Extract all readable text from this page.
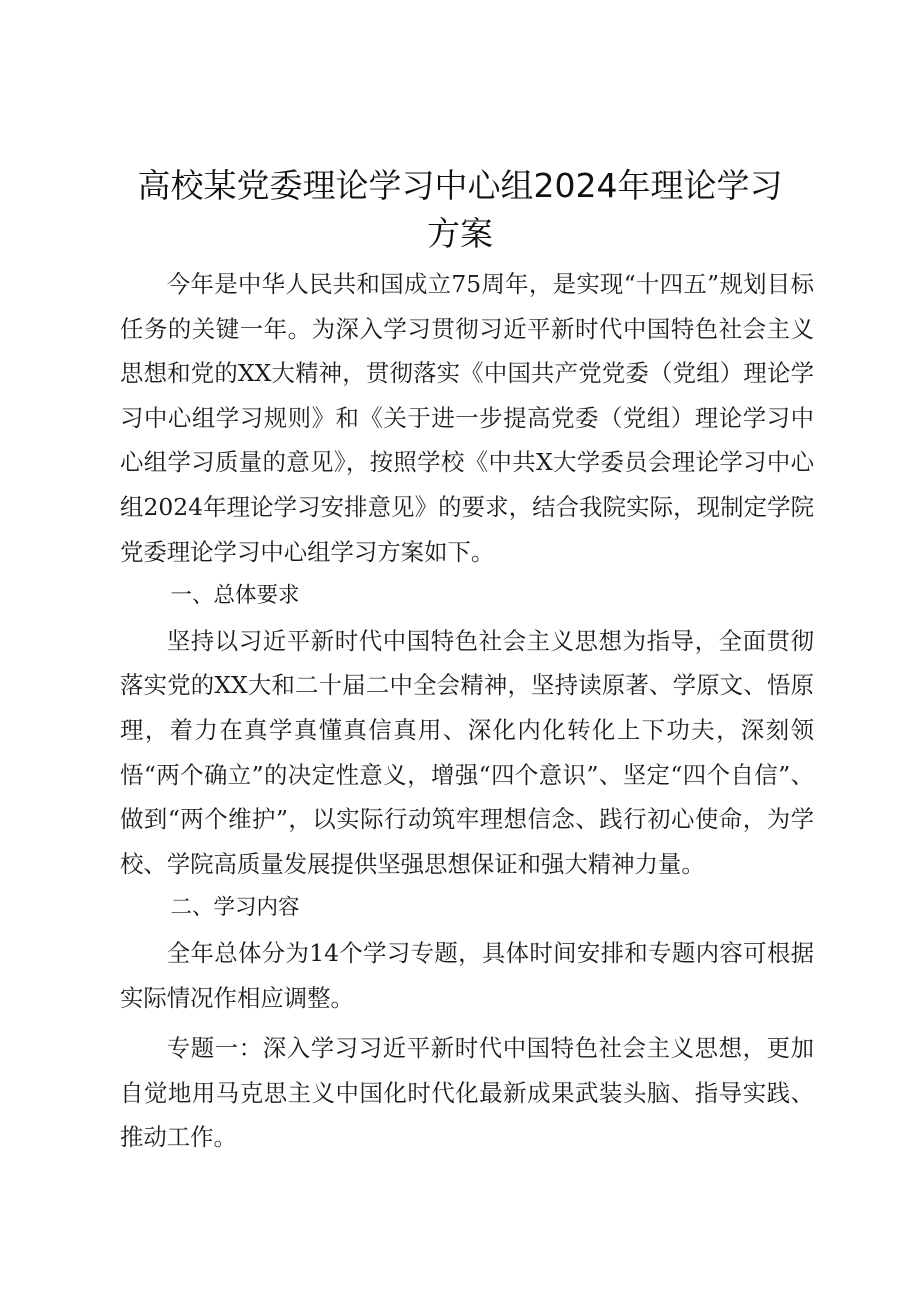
高校某党委理论学习中心组2024年理论学习
方案

今年是中华人民共和国成立75周年，是实现“十四五”规划目标任务的关键一年。为深入学习贯彻习近平新时代中国特色社会主义思想和党的XX大精神，贯彻落实《中国共产党党委（党组）理论学习中心组学习规则》和《关于进一步提高党委（党组）理论学习中心组学习质量的意见》，按照学校《中共X大学委员会理论学习中心组2024年理论学习安排意见》的要求，结合我院实际，现制定学院党委理论学习中心组学习方案如下。

一、总体要求

坚持以习近平新时代中国特色社会主义思想为指导，全面贯彻落实党的XX大和二十届二中全会精神，坚持读原著、学原文、悟原理，着力在真学真懂真信真用、深化内化转化上下功夫，深刻领悟“两个确立”的决定性意义，增强“四个意识”、坚定“四个自信”、做到“两个维护”，以实际行动筑牢理想信念、践行初心使命，为学校、学院高质量发展提供坚强思想保证和强大精神力量。

二、学习内容

全年总体分为14个学习专题，具体时间安排和专题内容可根据实际情况作相应调整。

专题一：深入学习习近平新时代中国特色社会主义思想，更加自觉地用马克思主义中国化时代化最新成果武装头脑、指导实践、推动工作。
